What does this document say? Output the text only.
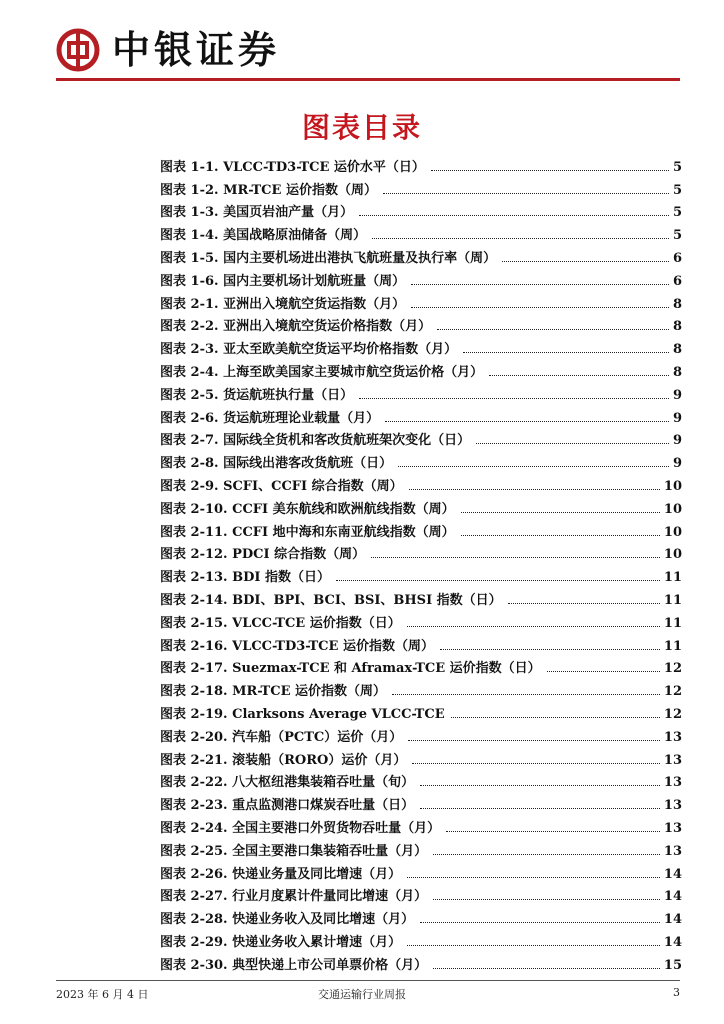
中银证券
图表目录
图表 1-1. VLCC-TD3-TCE 运价水平（日）	5
图表 1-2. MR-TCE 运价指数（周）	5
图表 1-3. 美国页岩油产量（月）	5
图表 1-4. 美国战略原油储备（周）	5
图表 1-5. 国内主要机场进出港执飞航班量及执行率（周）	6
图表 1-6. 国内主要机场计划航班量（周）	6
图表 2-1. 亚洲出入境航空货运指数（月）	8
图表 2-2. 亚洲出入境航空货运价格指数（月）	8
图表 2-3. 亚太至欧美航空货运平均价格指数（月）	8
图表 2-4. 上海至欧美国家主要城市航空货运价格（月）	8
图表 2-5. 货运航班执行量（日）	9
图表 2-6. 货运航班理论业载量（月）	9
图表 2-7. 国际线全货机和客改货航班架次变化（日）	9
图表 2-8. 国际线出港客改货航班（日）	9
图表 2-9. SCFI、CCFI 综合指数（周）	10
图表 2-10. CCFI 美东航线和欧洲航线指数（周）	10
图表 2-11. CCFI 地中海和东南亚航线指数（周）	10
图表 2-12. PDCI 综合指数（周）	10
图表 2-13. BDI 指数（日）	11
图表 2-14. BDI、BPI、BCI、BSI、BHSI 指数（日）	11
图表 2-15. VLCC-TCE 运价指数（日）	11
图表 2-16. VLCC-TD3-TCE 运价指数（周）	11
图表 2-17. Suezmax-TCE 和 Aframax-TCE 运价指数（日）	12
图表 2-18. MR-TCE 运价指数（周）	12
图表 2-19. Clarksons Average VLCC-TCE	12
图表 2-20. 汽车船（PCTC）运价（月）	13
图表 2-21. 滚装船（RORO）运价（月）	13
图表 2-22. 八大枢纽港集装箱吞吐量（旬）	13
图表 2-23. 重点监测港口煤炭吞吐量（日）	13
图表 2-24. 全国主要港口外贸货物吞吐量（月）	13
图表 2-25. 全国主要港口集装箱吞吐量（月）	13
图表 2-26. 快递业务量及同比增速（月）	14
图表 2-27. 行业月度累计件量同比增速（月）	14
图表 2-28. 快递业务收入及同比增速（月）	14
图表 2-29. 快递业务收入累计增速（月）	14
图表 2-30. 典型快递上市公司单票价格（月）	15
2023 年 6 月 4 日	交通运输行业周报	3
